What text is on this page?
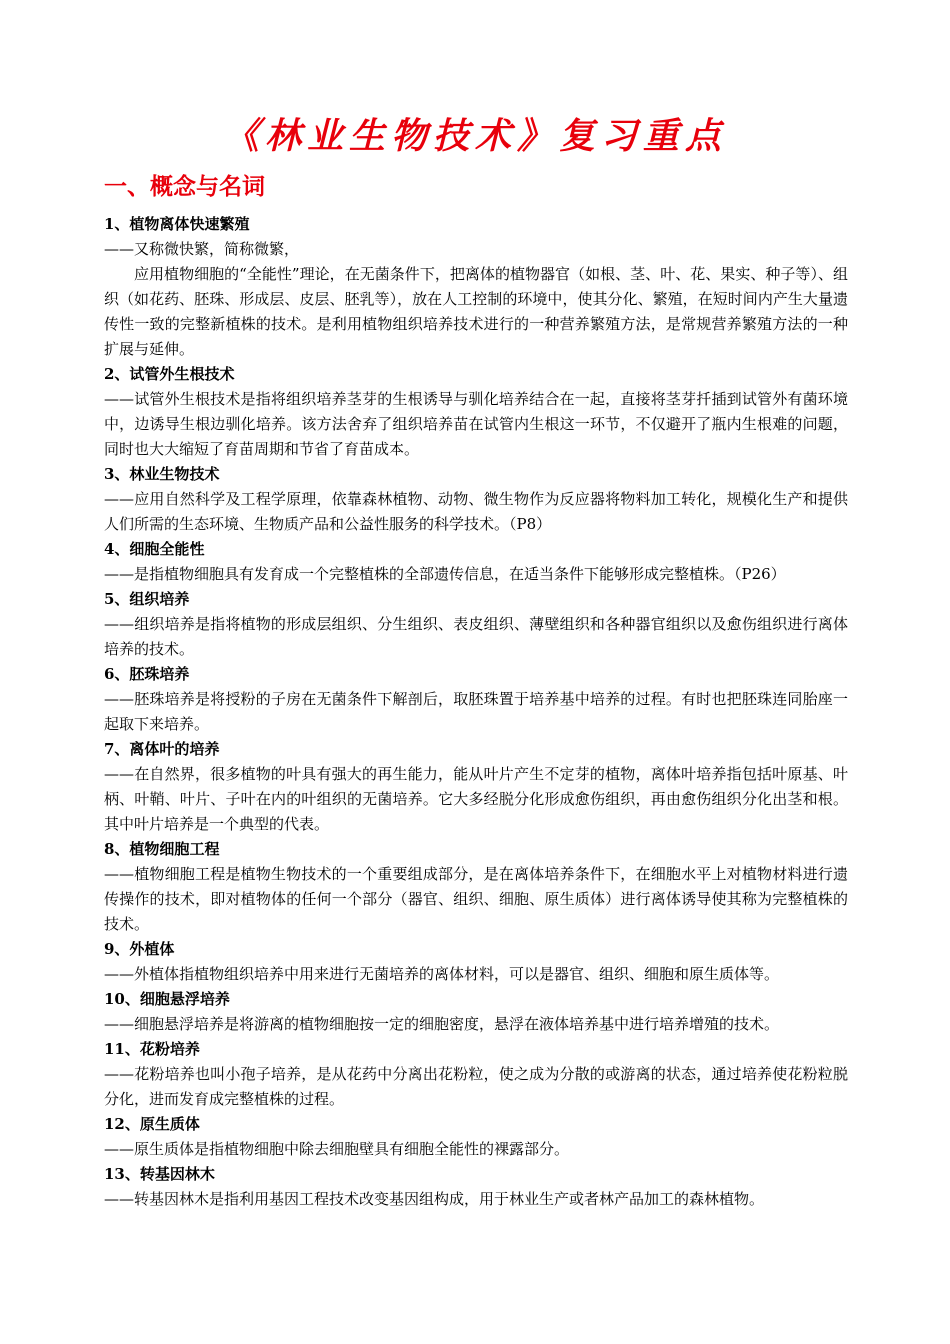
《林业生物技术》复习重点
一、概念与名词

1、植物离体快速繁殖

——又称微快繁，简称微繁，

应用植物细胞的“全能性”理论，在无菌条件下，把离体的植物器官（如根、茎、叶、花、果实、种子等）、组织（如花药、胚珠、形成层、皮层、胚乳等），放在人工控制的环境中，使其分化、繁殖，在短时间内产生大量遗传性一致的完整新植株的技术。是利用植物组织培养技术进行的一种营养繁殖方法，是常规营养繁殖方法的一种扩展与延伸。

2、试管外生根技术

——试管外生根技术是指将组织培养茎芽的生根诱导与驯化培养结合在一起，直接将茎芽扦插到试管外有菌环境中，边诱导生根边驯化培养。该方法舍弃了组织培养苗在试管内生根这一环节，不仅避开了瓶内生根难的问题，同时也大大缩短了育苗周期和节省了育苗成本。

3、林业生物技术

——应用自然科学及工程学原理，依靠森林植物、动物、微生物作为反应器将物料加工转化，规模化生产和提供人们所需的生态环境、生物质产品和公益性服务的科学技术。（P8）

4、细胞全能性

——是指植物细胞具有发育成一个完整植株的全部遗传信息，在适当条件下能够形成完整植株。（P26）

5、组织培养

——组织培养是指将植物的形成层组织、分生组织、表皮组织、薄壁组织和各种器官组织以及愈伤组织进行离体培养的技术。

6、胚珠培养

——胚珠培养是将授粉的子房在无菌条件下解剖后，取胚珠置于培养基中培养的过程。有时也把胚珠连同胎座一起取下来培养。

7、离体叶的培养

——在自然界，很多植物的叶具有强大的再生能力，能从叶片产生不定芽的植物，离体叶培养指包括叶原基、叶柄、叶鞘、叶片、子叶在内的叶组织的无菌培养。它大多经脱分化形成愈伤组织，再由愈伤组织分化出茎和根。其中叶片培养是一个典型的代表。

8、植物细胞工程

——植物细胞工程是植物生物技术的一个重要组成部分，是在离体培养条件下，在细胞水平上对植物材料进行遗传操作的技术，即对植物体的任何一个部分（器官、组织、细胞、原生质体）进行离体诱导使其称为完整植株的技术。

9、外植体

——外植体指植物组织培养中用来进行无菌培养的离体材料，可以是器官、组织、细胞和原生质体等。

10、细胞悬浮培养

——细胞悬浮培养是将游离的植物细胞按一定的细胞密度，悬浮在液体培养基中进行培养增殖的技术。

11、花粉培养

——花粉培养也叫小孢子培养，是从花药中分离出花粉粒，使之成为分散的或游离的状态，通过培养使花粉粒脱分化，进而发育成完整植株的过程。

12、原生质体

——原生质体是指植物细胞中除去细胞壁具有细胞全能性的裸露部分。

13、转基因林木

——转基因林木是指利用基因工程技术改变基因组构成，用于林业生产或者林产品加工的森林植物。
